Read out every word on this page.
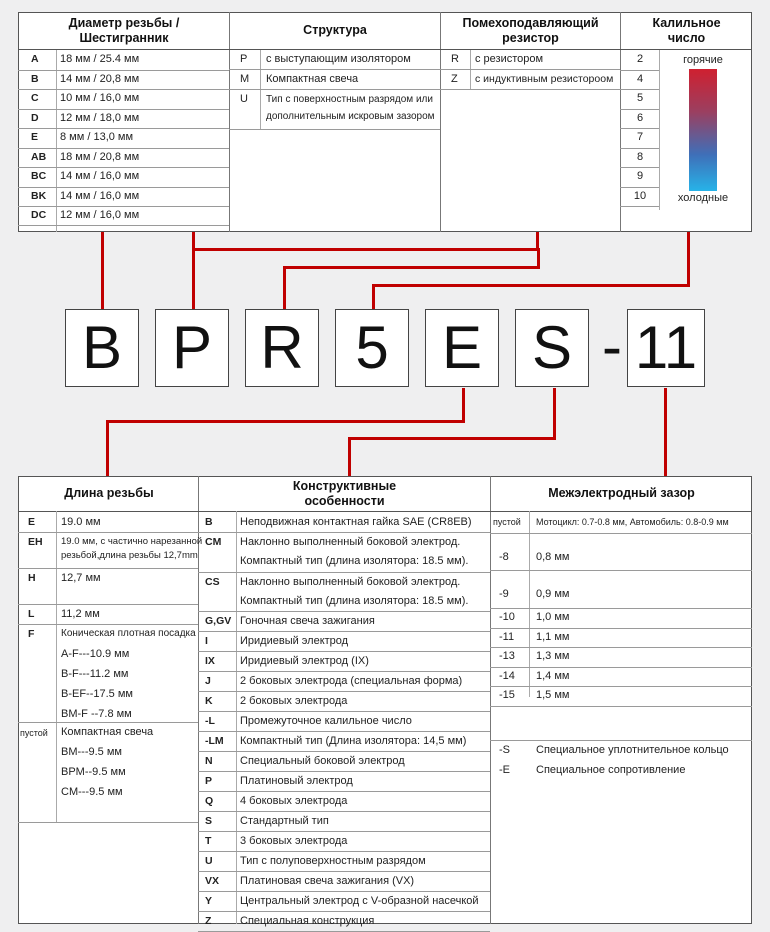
Диаметр резьбы /
Шестигранник
Структура	Помехоподавляющий
резистор
Калильное
число
A 18 мм / 25.4 мм
B 14 мм / 20,8 мм
C 10 мм / 16,0 мм
D 12 мм / 18,0 мм
E 8 мм / 13,0 мм
AB 18 мм / 20,8 мм
BC 14 мм / 16,0 мм
BK 14 мм / 16,0 мм
DC 12 мм / 16,0 мм
P с выступающим изолятором
M Компактная свеча
U Тип с поверхностным разрядом или
дополнительным искровым зазором
R с резистором
Z с индуктивным резистороом
2
4
5
6
7
8
9
10
горячие
холодные
B P R 5 E S - 11
Длина резьбы	Конструктивные
особенности
Межэлектродный зазор
E 19.0 мм
EH 19.0 мм, с частично нарезанной
резьбой,длина резьбы 12,7mm
H 12,7 мм
L 11,2 мм
F	Коническая плотная посадка
A-F---10.9 мм
B-F---11.2 мм
B-EF--17.5 мм
BM-F --7.8 мм
пустой Компактная свеча
BM---9.5 мм
BPM--9.5 мм
CM---9.5 мм
B Неподвижная контактная гайка SAE (CR8EB)
CM Наклонно выполненный боковой электрод.
Компактный тип (длина изолятора: 18.5 мм).
CS Наклонно выполненный боковой электрод.
Компактный тип (длина изолятора: 18.5 мм).
G,GV Гоночная свеча зажигания
I	Иридиевый электрод
IX Иридиевый электрод (IX)
J	2 боковых электрода (специальная форма)
K 2 боковых электрода
-L Промежуточное калильное число
-LM Компактный тип (Длина изолятора: 14,5 мм)
N Специальный боковой электрод
P	Платиновый электрод
Q 4 боковых электрода
S	Стандартный тип
T	3 боковых электрода
U Тип с полуповерхностным разрядом
VX Платиновая свеча зажигания (VX)
Y	Центральный электрод с V-образной насечкой
Z	Специальная конструкция
пустой Мотоцикл: 0.7-0.8 мм, Автомобиль: 0.8-0.9 мм
-8 0,8 мм
-9 0,9 мм
-10 1,0 мм
-11 1,1 мм
-13 1,3 мм
-14 1,4 мм
-15 1,5 мм
-S Специальное уплотнительное кольцо
-E Специальное сопротивление
